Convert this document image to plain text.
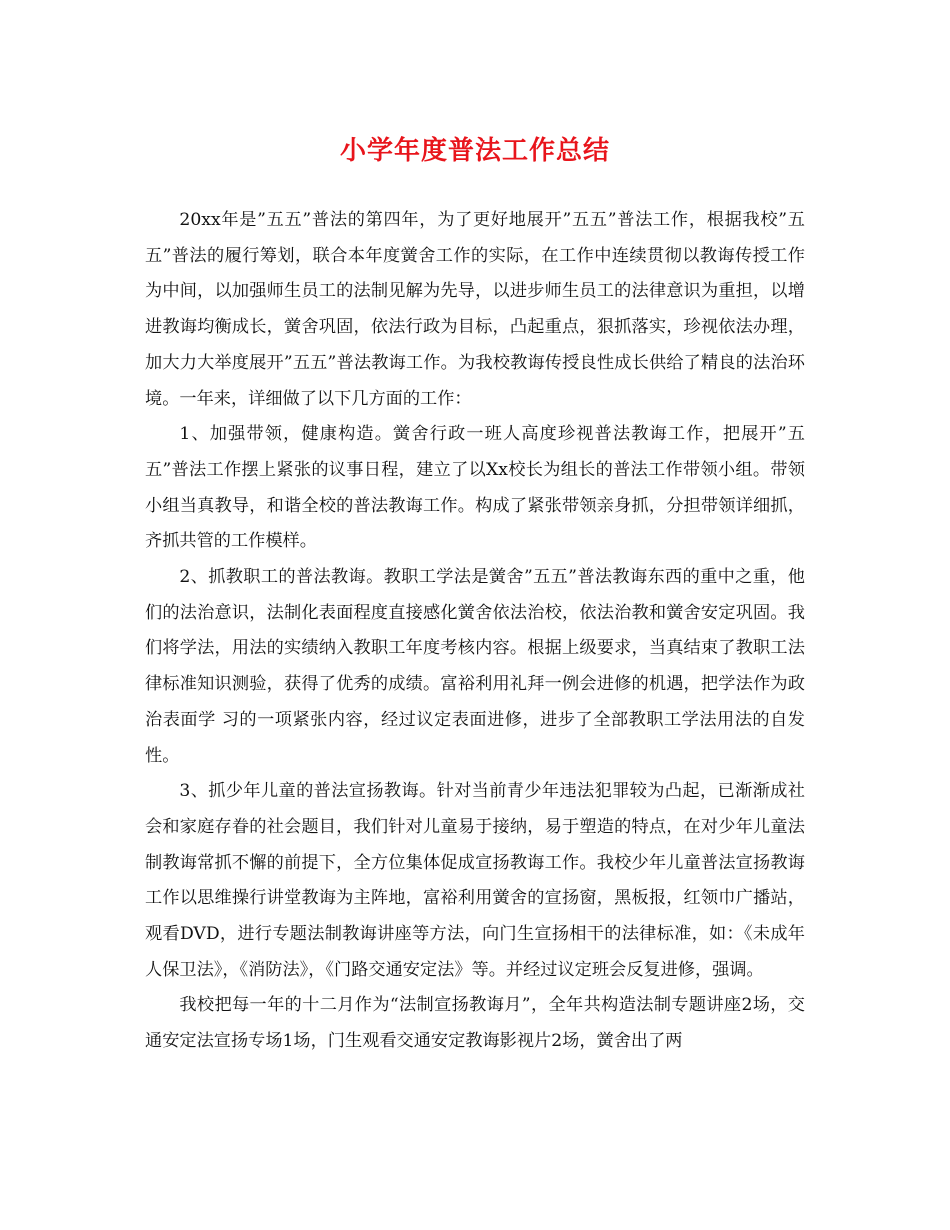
小学年度普法工作总结

20xx年是”五五”普法的第四年，为了更好地展开”五五”普法工作，根据我校”五五”普法的履行筹划，联合本年度黉舍工作的实际，在工作中连续贯彻以教诲传授工作为中间，以加强师生员工的法制见解为先导，以进步师生员工的法律意识为重担，以增进教诲均衡成长，黉舍巩固，依法行政为目标，凸起重点，狠抓落实，珍视依法办理，加大力大举度展开”五五”普法教诲工作。为我校教诲传授良性成长供给了精良的法治环境。一年来，详细做了以下几方面的工作：

1、加强带领，健康构造。黉舍行政一班人高度珍视普法教诲工作，把展开”五五”普法工作摆上紧张的议事日程，建立了以Xx校长为组长的普法工作带领小组。带领小组当真教导，和谐全校的普法教诲工作。构成了紧张带领亲身抓，分担带领详细抓，齐抓共管的工作模样。

2、抓教职工的普法教诲。教职工学法是黉舍”五五”普法教诲东西的重中之重，他们的法治意识，法制化表面程度直接感化黉舍依法治校，依法治教和黉舍安定巩固。我们将学法，用法的实绩纳入教职工年度考核内容。根据上级要求，当真结束了教职工法律标准知识测验，获得了优秀的成绩。富裕利用礼拜一例会进修的机遇，把学法作为政治表面学 习的一项紧张内容，经过议定表面进修，进步了全部教职工学法用法的自发性。

3、抓少年儿童的普法宣扬教诲。针对当前青少年违法犯罪较为凸起，已渐渐成社会和家庭存眷的社会题目，我们针对儿童易于接纳，易于塑造的特点，在对少年儿童法制教诲常抓不懈的前提下，全方位集体促成宣扬教诲工作。我校少年儿童普法宣扬教诲工作以思维操行讲堂教诲为主阵地，富裕利用黉舍的宣扬窗，黑板报，红领巾广播站，观看DVD，进行专题法制教诲讲座等方法，向门生宣扬相干的法律标准，如：《未成年人保卫法》，《消防法》，《门路交通安定法》等。并经过议定班会反复进修，强调。

我校把每一年的十二月作为“法制宣扬教诲月”，全年共构造法制专题讲座2场，交通安定法宣扬专场1场，门生观看交通安定教诲影视片2场，黉舍出了两
